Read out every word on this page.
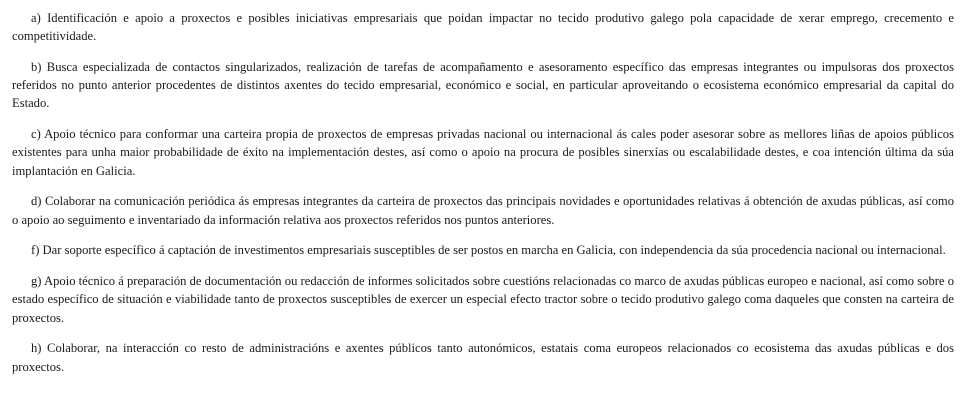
a) Identificación e apoio a proxectos e posibles iniciativas empresariais que poidan impactar no tecido produtivo galego pola capacidade de xerar emprego, crecemento e competitividade.

b) Busca especializada de contactos singularizados, realización de tarefas de acompañamento e asesoramento específico das empresas integrantes ou impulsoras dos proxectos referidos no punto anterior procedentes de distintos axentes do tecido empresarial, económico e social, en particular aproveitando o ecosistema económico empresarial da capital do Estado.

c) Apoio técnico para conformar una carteira propia de proxectos de empresas privadas nacional ou internacional ás cales poder asesorar sobre as mellores liñas de apoios públicos existentes para unha maior probabilidade de éxito na implementación destes, así como o apoio na procura de posibles sinerxías ou escalabilidade destes, e coa intención última da súa implantación en Galicia.

d) Colaborar na comunicación periódica ás empresas integrantes da carteira de proxectos das principais novidades e oportunidades relativas á obtención de axudas públicas, así como o apoio ao seguimento e inventariado da información relativa aos proxectos referidos nos puntos anteriores.

f) Dar soporte específico á captación de investimentos empresariais susceptibles de ser postos en marcha en Galicia, con independencia da súa procedencia nacional ou internacional.

g) Apoio técnico á preparación de documentación ou redacción de informes solicitados sobre cuestións relacionadas co marco de axudas públicas europeo e nacional, así como sobre o estado específico de situación e viabilidade tanto de proxectos susceptibles de exercer un especial efecto tractor sobre o tecido produtivo galego coma daqueles que consten na carteira de proxectos.

h) Colaborar, na interacción co resto de administracións e axentes públicos tanto autonómicos, estatais coma europeos relacionados co ecosistema das axudas públicas e dos proxectos.
